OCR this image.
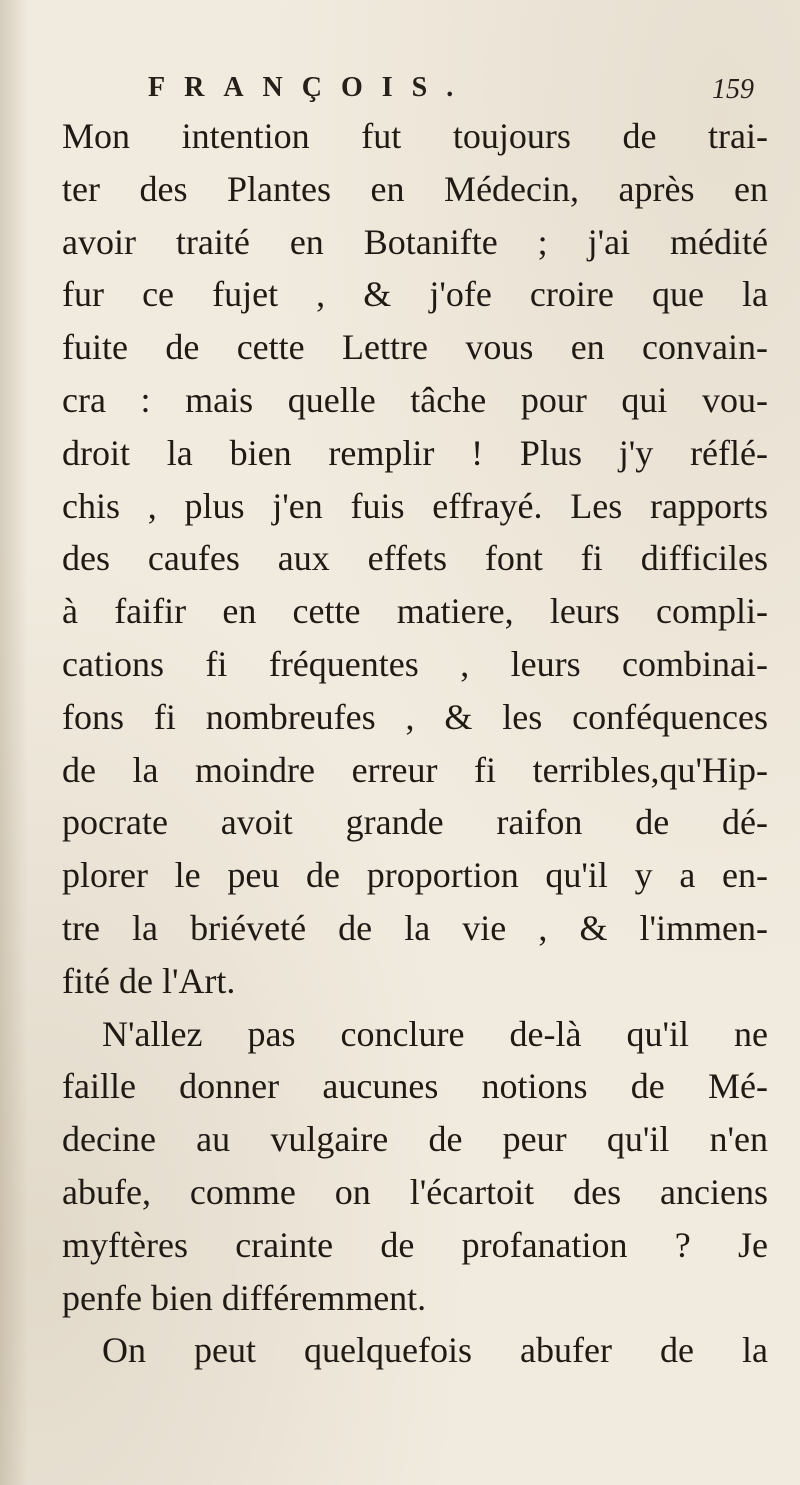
FRANÇOIS.	159
Mon intention fut toujours de trai-
ter des Plantes en Médecin, après en
avoir traité en Botanifte ; j'ai médité
fur ce fujet , & j'ofe croire que la
fuite de cette Lettre vous en convain-
cra : mais quelle tâche pour qui vou-
droit la bien remplir ! Plus j'y réflé-
chis , plus j'en fuis effrayé. Les rapports
des caufes aux effets font fi difficiles
à faifir en cette matiere, leurs compli-
cations fi fréquentes , leurs combinai-
fons fi nombreufes , & les conféquences
de la moindre erreur fi terribles,qu'Hip-
pocrate avoit grande raifon de dé-
plorer le peu de proportion qu'il y a en-
tre la briéveté de la vie , & l'immen-
fité de l'Art.
N'allez pas conclure de-là qu'il ne
faille donner aucunes notions de Mé-
decine au vulgaire de peur qu'il n'en
abufe, comme on l'écartoit des anciens
myftères crainte de profanation ? Je
penfe bien différemment.
On peut quelquefois abufer de la
